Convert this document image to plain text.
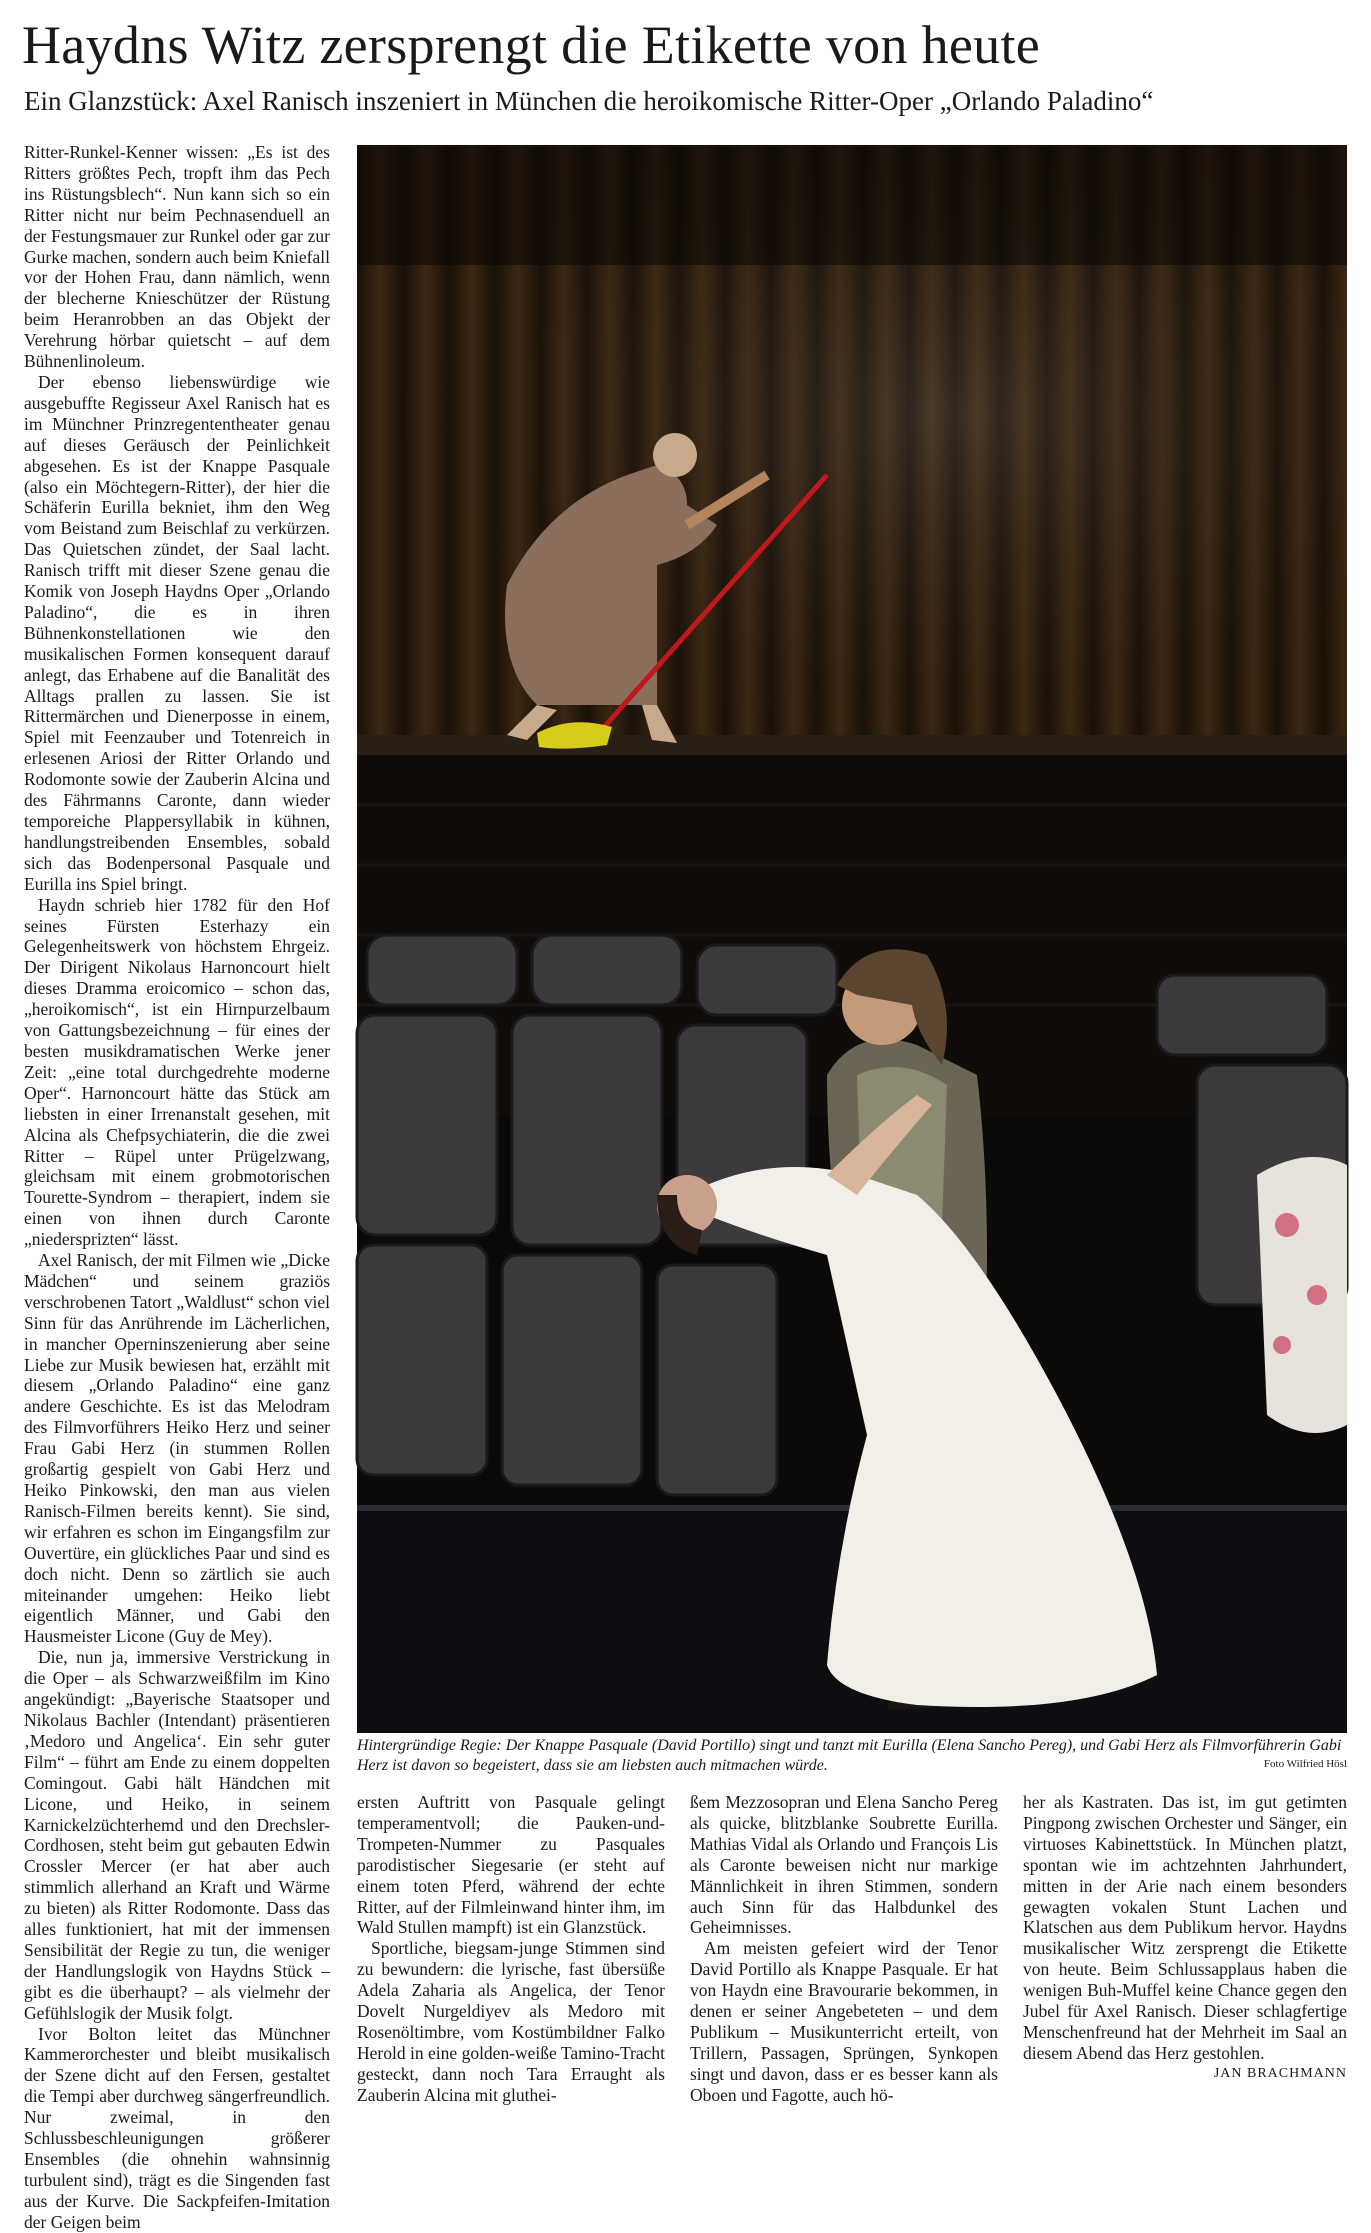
Haydns Witz zersprengt die Etikette von heute
Ein Glanzstück: Axel Ranisch inszeniert in München die heroikomische Ritter-Oper „Orlando Paladino“

Ritter-Runkel-Kenner wissen: „Es ist des Ritters größtes Pech, tropft ihm das Pech ins Rüstungsblech“. Nun kann sich so ein Ritter nicht nur beim Pechnasenduell an der Festungsmauer zur Runkel oder gar zur Gurke machen, sondern auch beim Kniefall vor der Hohen Frau, dann nämlich, wenn der blecherne Knieschützer der Rüstung beim Heranrobben an das Objekt der Verehrung hörbar quietscht – auf dem Bühnenlinoleum.

Der ebenso liebenswürdige wie ausgebuffte Regisseur Axel Ranisch hat es im Münchner Prinzregententheater genau auf dieses Geräusch der Peinlichkeit abgesehen. Es ist der Knappe Pasquale (also ein Möchtegern-Ritter), der hier die Schäferin Eurilla bekniet, ihm den Weg vom Beistand zum Beischlaf zu verkürzen. Das Quietschen zündet, der Saal lacht. Ranisch trifft mit dieser Szene genau die Komik von Joseph Haydns Oper „Orlando Paladino“, die es in ihren Bühnenkonstellationen wie den musikalischen Formen konsequent darauf anlegt, das Erhabene auf die Banalität des Alltags prallen zu lassen. Sie ist Rittermärchen und Dienerposse in einem, Spiel mit Feenzauber und Totenreich in erlesenen Ariosi der Ritter Orlando und Rodomonte sowie der Zauberin Alcina und des Fährmanns Caronte, dann wieder temporeiche Plappersyllabik in kühnen, handlungstreibenden Ensembles, sobald sich das Bodenpersonal Pasquale und Eurilla ins Spiel bringt.

Haydn schrieb hier 1782 für den Hof seines Fürsten Esterhazy ein Gelegenheitswerk von höchstem Ehrgeiz. Der Dirigent Nikolaus Harnoncourt hielt dieses Dramma eroicomico – schon das, „heroikomisch“, ist ein Hirnpurzelbaum von Gattungsbezeichnung – für eines der besten musikdramatischen Werke jener Zeit: „eine total durchgedrehte moderne Oper“. Harnoncourt hätte das Stück am liebsten in einer Irrenanstalt gesehen, mit Alcina als Chefpsychiaterin, die die zwei Ritter – Rüpel unter Prügelzwang, gleichsam mit einem grobmotorischen Tourette-Syndrom – therapiert, indem sie einen von ihnen durch Caronte „niedersprizten“ lässt.

Axel Ranisch, der mit Filmen wie „Dicke Mädchen“ und seinem graziös verschrobenen Tatort „Waldlust“ schon viel Sinn für das Anrührende im Lächerlichen, in mancher Operninszenierung aber seine Liebe zur Musik bewiesen hat, erzählt mit diesem „Orlando Paladino“ eine ganz andere Geschichte. Es ist das Melodram des Filmvorführers Heiko Herz und seiner Frau Gabi Herz (in stummen Rollen großartig gespielt von Gabi Herz und Heiko Pinkowski, den man aus vielen Ranisch-Filmen bereits kennt). Sie sind, wir erfahren es schon im Eingangsfilm zur Ouvertüre, ein glückliches Paar und sind es doch nicht. Denn so zärtlich sie auch miteinander umgehen: Heiko liebt eigentlich Männer, und Gabi den Hausmeister Licone (Guy de Mey).

Die, nun ja, immersive Verstrickung in die Oper – als Schwarzweißfilm im Kino angekündigt: „Bayerische Staatsoper und Nikolaus Bachler (Intendant) präsentieren ‚Medoro und Angelica‘. Ein sehr guter Film“ – führt am Ende zu einem doppelten Comingout. Gabi hält Händchen mit Licone, und Heiko, in seinem Karnickelzüchterhemd und den Drechsler-Cordhosen, steht beim gut gebauten Edwin Crossler Mercer (er hat aber auch stimmlich allerhand an Kraft und Wärme zu bieten) als Ritter Rodomonte. Dass das alles funktioniert, hat mit der immensen Sensibilität der Regie zu tun, die weniger der Handlungslogik von Haydns Stück – gibt es die überhaupt? – als vielmehr der Gefühlslogik der Musik folgt.

Ivor Bolton leitet das Münchner Kammerorchester und bleibt musikalisch der Szene dicht auf den Fersen, gestaltet die Tempi aber durchweg sängerfreundlich. Nur zweimal, in den Schlussbeschleunigungen größerer Ensembles (die ohnehin wahnsinnig turbulent sind), trägt es die Singenden fast aus der Kurve. Die Sackpfeifen-Imitation der Geigen beim

Hintergründige Regie: Der Knappe Pasquale (David Portillo) singt und tanzt mit Eurilla (Elena Sancho Pereg), und Gabi Herz als Filmvorführerin Gabi Herz ist davon so begeistert, dass sie am liebsten auch mitmachen würde.	Foto Wilfried Hösl

ersten Auftritt von Pasquale gelingt temperamentvoll; die Pauken-und-Trompeten-Nummer zu Pasquales parodistischer Siegesarie (er steht auf einem toten Pferd, während der echte Ritter, auf der Filmleinwand hinter ihm, im Wald Stullen mampft) ist ein Glanzstück.

Sportliche, biegsam-junge Stimmen sind zu bewundern: die lyrische, fast übersüße Adela Zaharia als Angelica, der Tenor Dovelt Nurgeldiyev als Medoro mit Rosenöltimbre, vom Kostümbildner Falko Herold in eine golden-weiße Tamino-Tracht gesteckt, dann noch Tara Erraught als Zauberin Alcina mit gluthei-

ßem Mezzosopran und Elena Sancho Pereg als quicke, blitzblanke Soubrette Eurilla. Mathias Vidal als Orlando und François Lis als Caronte beweisen nicht nur markige Männlichkeit in ihren Stimmen, sondern auch Sinn für das Halbdunkel des Geheimnisses.

Am meisten gefeiert wird der Tenor David Portillo als Knappe Pasquale. Er hat von Haydn eine Bravourarie bekommen, in denen er seiner Angebeteten – und dem Publikum – Musikunterricht erteilt, von Trillern, Passagen, Sprüngen, Synkopen singt und davon, dass er es besser kann als Oboen und Fagotte, auch hö-

her als Kastraten. Das ist, im gut getimten Pingpong zwischen Orchester und Sänger, ein virtuoses Kabinettstück. In München platzt, spontan wie im achtzehnten Jahrhundert, mitten in der Arie nach einem besonders gewagten vokalen Stunt Lachen und Klatschen aus dem Publikum hervor. Haydns musikalischer Witz zersprengt die Etikette von heute. Beim Schlussapplaus haben die wenigen Buh-Muffel keine Chance gegen den Jubel für Axel Ranisch. Dieser schlagfertige Menschenfreund hat der Mehrheit im Saal an diesem Abend das Herz gestohlen.

JAN BRACHMANN
